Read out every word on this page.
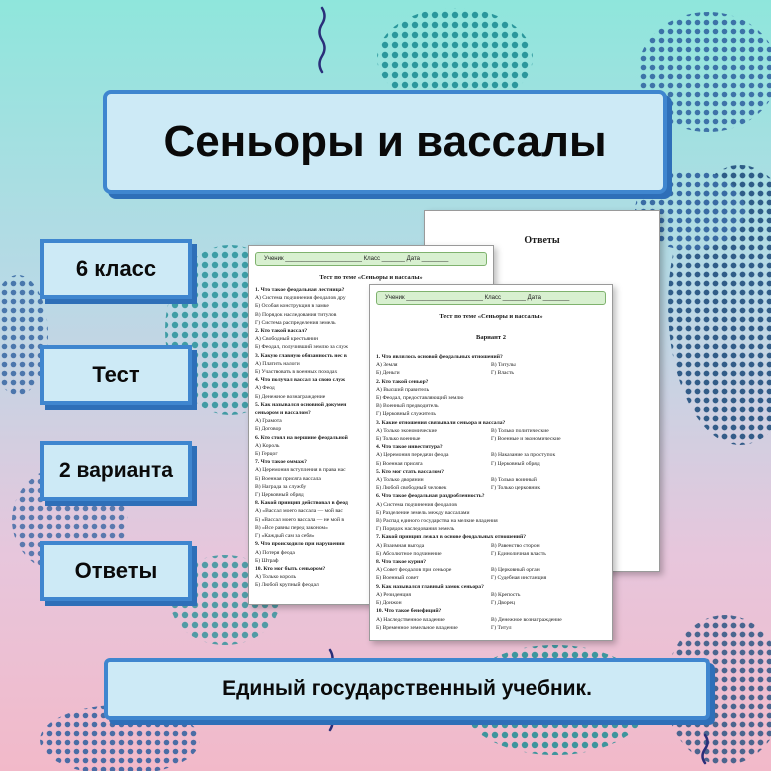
Ответы
Ученик _______________________ Класс _______ Дата ________
Тест по теме «Сеньоры и вассалы»
1. Что такое феодальная лестница?
А) Система подчинения феодалов дру
Б) Особая конструкция в замке
В) Порядок наследования титулов
Г) Система распределения земель
2. Кто такой вассал?
А) Свободный крестьянин
Б) Феодал, получивший землю за служ
3. Какую главную обязанность нес в
А) Платить налоги
Б) Участвовать в военных походах
4. Что получал вассал за свою служ
А) Феод
Б) Денежное вознаграждение
5. Как назывался основной докумен
сеньором и вассалом?
А) Грамота
Б) Договор
6. Кто стоял на вершине феодальной
А) Король
Б) Герцог
7. Что такое оммаж?
А) Церемония вступления в права нас
Б) Военная присяга вассала
В) Награда за службу
Г) Церковный обряд
8. Какой принцип действовал в феод
А) «Вассал моего вассала — мой вас
Б) «Вассал моего вассала — не мой в
В) «Все равны перед законом»
Г) «Каждый сам за себя»
9. Что происходило при нарушении
А) Потеря феода
Б) Штраф
10. Кто мог быть сеньором?
А) Только король
Б) Любой крупный феодал
Ученик _______________________ Класс _______ Дата ________
Тест по теме «Сеньоры и вассалы»
Вариант 2
1. Что являлось основой феодальных отношений?
А) Земля	В) Титулы
Б) Деньги	Г) Власть
2. Кто такой сеньор?
А) Высший правитель
Б) Феодал, предоставляющий землю
В) Военный предводитель
Г) Церковный служитель
3. Какие отношения связывали сеньора и вассала?
А) Только экономические	В) Только политические
Б) Только военные	Г) Военные и экономические
4. Что такое инвеститура?
А) Церемония передачи феода	В) Наказание за проступок
Б) Военная присяга	Г) Церковный обряд
5. Кто мог стать вассалом?
А) Только дворянин	В) Только воинный
Б) Любой свободный человек	Г) Только церковник
6. Что такое феодальная раздробленность?
А) Система подчинения феодалов
Б) Разделение земель между вассалами
В) Распад единого государства на мелкие владения
Г) Порядок наследования земель
7. Какой принцип лежал в основе феодальных отношений?
А) Взаимная выгода	В) Равенство сторон
Б) Абсолютное подчинение	Г) Единоличная власть
8. Что такое курия?
А) Совет феодалов при сеньоре	В) Церковный орган
Б) Военный совет	Г) Судебная инстанция
9. Как назывался главный замок сеньора?
А) Резиденция	В) Крепость
Б) Донжон	Г) Дворец
10. Что такое бенефиций?
А) Наследственное владение	В) Денежное вознаграждение
Б) Временное земельное владение	Г) Титул
Сеньоры и вассалы
6 класс
Тест
2 варианта
Ответы
Единый государственный учебник.
